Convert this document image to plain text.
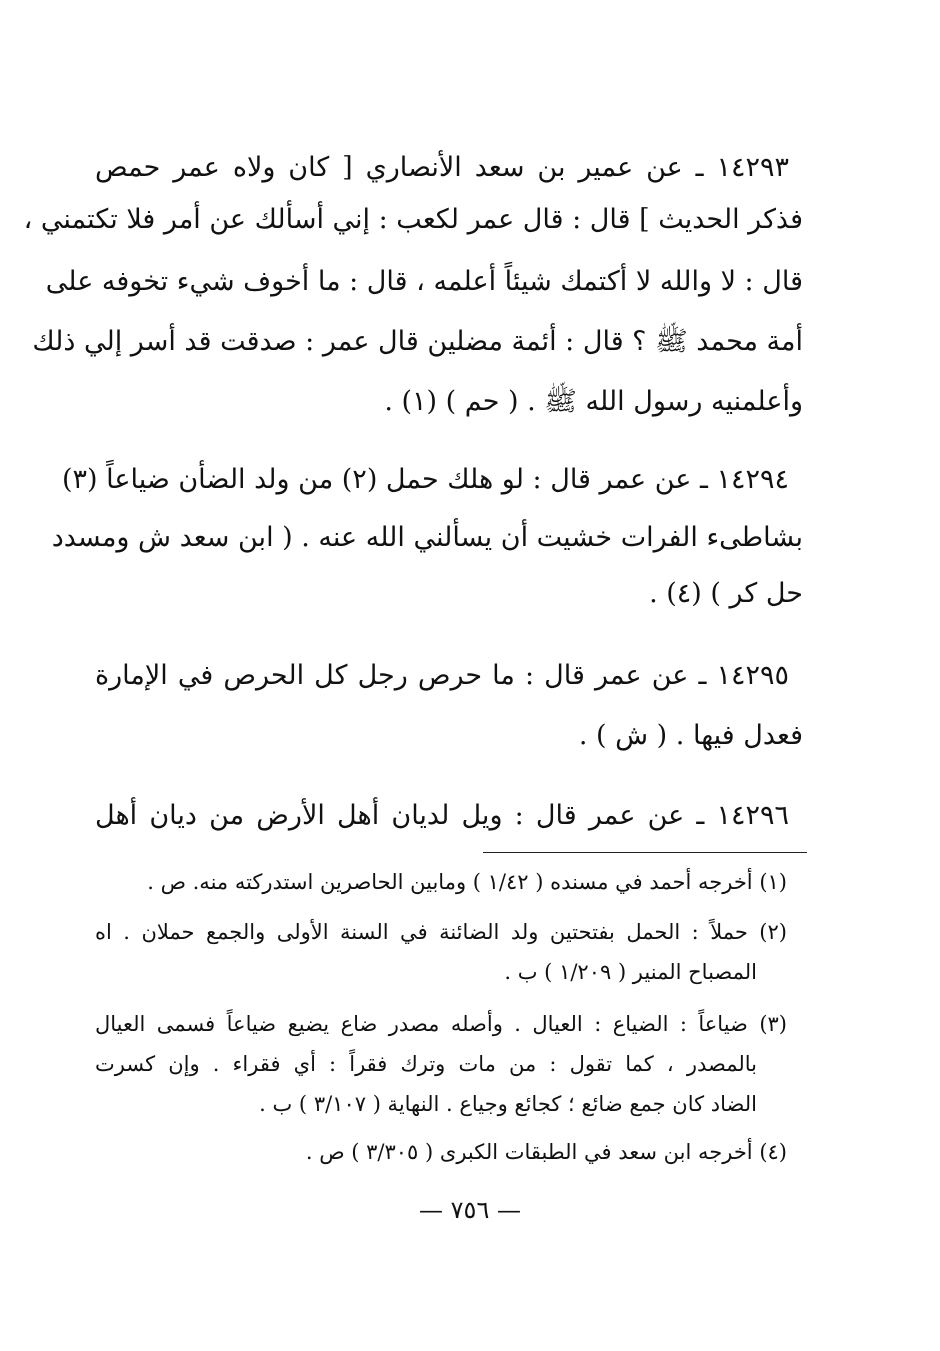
١٤٢٩٣ ـ عن عمير بن سعد الأنصاري [ كان ولاه عمر حمص
فذكر الحديث ] قال : قال عمر لكعب : إني أسألك عن أمر فلا تكتمني ،
قال : لا والله لا أكتمك شيئاً أعلمه ، قال : ما أخوف شيء تخوفه على
أمة محمد ﷺ ؟ قال : أئمة مضلين قال عمر : صدقت قد أسر إلي ذلك
وأعلمنيه رسول الله ﷺ . ( حم ) (١) .
١٤٢٩٤ ـ عن عمر قال : لو هلك حمل (٢) من ولد الضأن ضياعاً (٣)
بشاطىء الفرات خشيت أن يسألني الله عنه . ( ابن سعد ش ومسدد
حل كر ) (٤) .
١٤٢٩٥ ـ عن عمر قال : ما حرص رجل كل الحرص في الإمارة
فعدل فيها . ( ش ) .
١٤٢٩٦ ـ عن عمر قال : ويل لديان أهل الأرض من ديان أهل
(١) أخرجه أحمد في مسنده ( ١/٤٢ ) ومابين الحاصرين استدركته منه. ص .
(٢) حملاً : الحمل بفتحتين ولد الضائنة في السنة الأولى والجمع حملان . اه
المصباح المنير ( ١/٢٠٩ ) ب .
(٣) ضياعاً : الضياع : العيال . وأصله مصدر ضاع يضيع ضياعاً فسمى العيال
بالمصدر ، كما تقول : من مات وترك فقراً : أي فقراء . وإن كسرت
الضاد كان جمع ضائع ؛ كجائع وجياع . النهاية ( ٣/١٠٧ ) ب .
(٤) أخرجه ابن سعد في الطبقات الكبرى ( ٣/٣٠٥ ) ص .
— ٧٥٦ —
